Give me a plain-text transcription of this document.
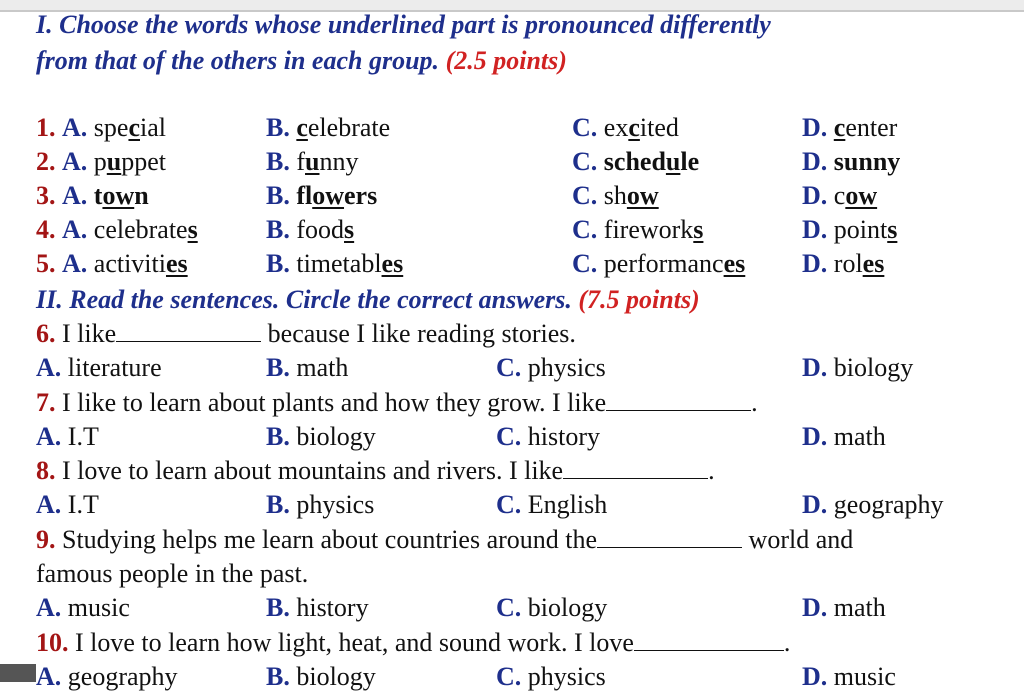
I. Choose the words whose underlined part is pronounced differently
from that of the others in each group. (2.5 points)
1. A. special	B. celebrate	C. excited	D. center
2. A. puppet	B. funny	C. schedule	D. sunny
3. A. town	B. flowers	C. show	D. cow
4. A. celebrates	B. foods	C. fireworks	D. points
5. A. activities	B. timetables	C. performances D. roles
II. Read the sentences. Circle the correct answers. (7.5 points)
6. I like	because I like reading stories.
A. literature	B. math	C. physics	D. biology
7. I like to learn about plants and how they grow. I like	.
A. I.T	B. biology	C. history	D. math
8. I love to learn about mountains and rivers. I like	.
A. I.T	B. physics	C. English	D. geography
9. Studying helps me learn about countries around the	world and
famous people in the past.
A. music	B. history	C. biology	D. math
10. I love to learn how light, heat, and sound work. I love	.
A. geography	B. biology	C. physics	D. music
